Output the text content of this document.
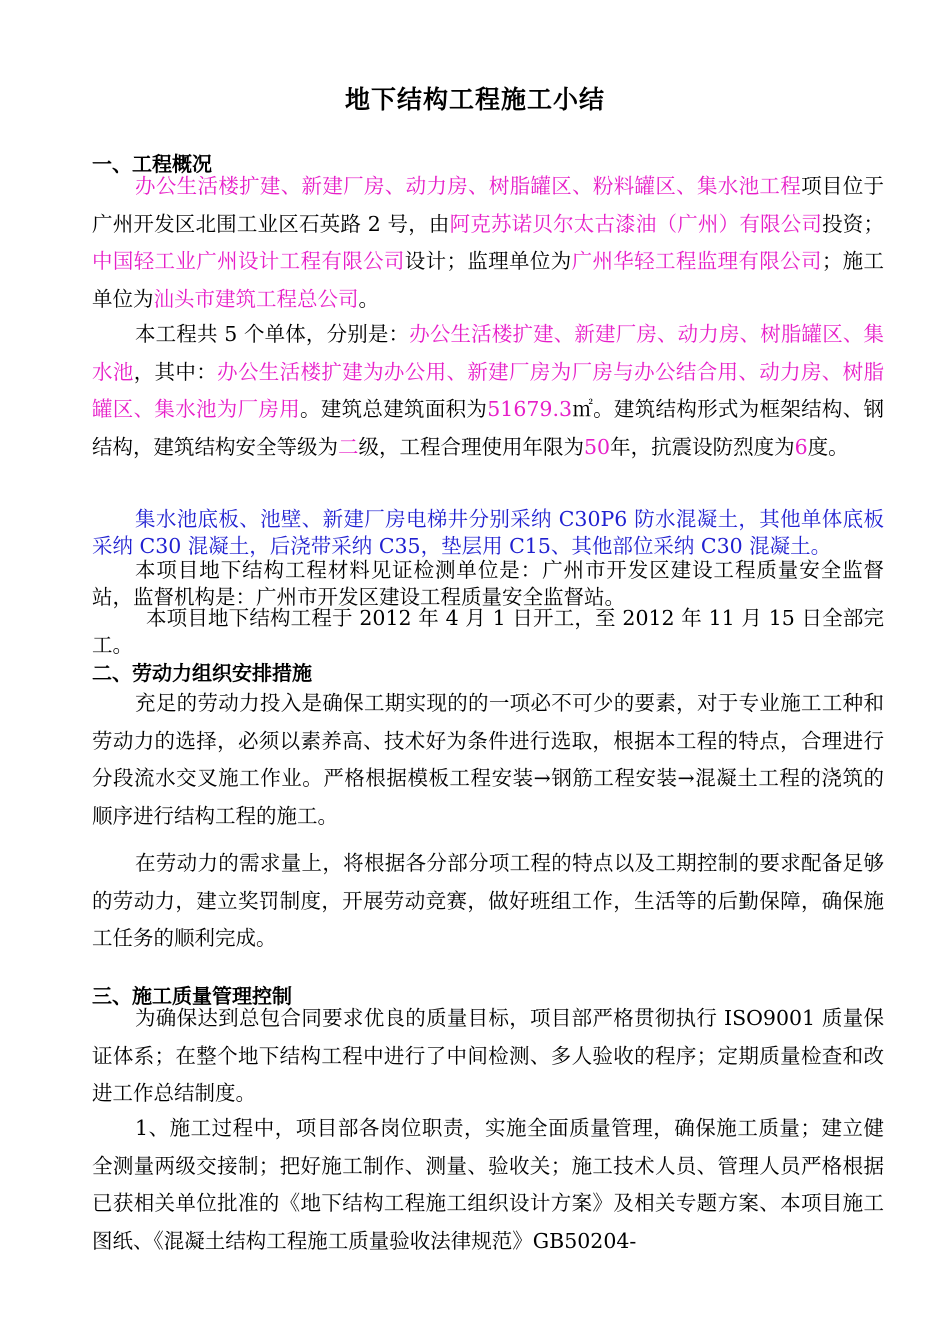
地下结构工程施工小结
一、工程概况

办公生活楼扩建、新建厂房、动力房、树脂罐区、粉料罐区、集水池工程项目位于广州开发区北围工业区石英路 2 号，由阿克苏诺贝尔太古漆油（广州）有限公司投资；中国轻工业广州设计工程有限公司设计；监理单位为广州华轻工程监理有限公司；施工单位为汕头市建筑工程总公司。

本工程共 5 个单体，分别是：办公生活楼扩建、新建厂房、动力房、树脂罐区、集水池，其中：办公生活楼扩建为办公用、新建厂房为厂房与办公结合用、动力房、树脂罐区、集水池为厂房用。建筑总建筑面积为51679.3㎡。建筑结构形式为框架结构、钢结构，建筑结构安全等级为二级，工程合理使用年限为50年，抗震设防烈度为6度。

集水池底板、池壁、新建厂房电梯井分别采纳 C30P6 防水混凝土，其他单体底板采纳 C30 混凝土，后浇带采纳 C35，垫层用 C15、其他部位采纳 C30 混凝土。

本项目地下结构工程材料见证检测单位是：广州市开发区建设工程质量安全监督站，监督机构是：广州市开发区建设工程质量安全监督站。

本项目地下结构工程于 2012 年 4 月 1 日开工，至 2012 年 11 月 15 日全部完工。

二、劳动力组织安排措施

充足的劳动力投入是确保工期实现的的一项必不可少的要素，对于专业施工工种和劳动力的选择，必须以素养高、技术好为条件进行选取，根据本工程的特点，合理进行分段流水交叉施工作业。严格根据模板工程安装→钢筋工程安装→混凝土工程的浇筑的顺序进行结构工程的施工。

在劳动力的需求量上，将根据各分部分项工程的特点以及工期控制的要求配备足够的劳动力，建立奖罚制度，开展劳动竞赛，做好班组工作，生活等的后勤保障，确保施工任务的顺利完成。

三、施工质量管理控制

为确保达到总包合同要求优良的质量目标，项目部严格贯彻执行 ISO9001 质量保证体系；在整个地下结构工程中进行了中间检测、多人验收的程序；定期质量检查和改进工作总结制度。

1、施工过程中，项目部各岗位职责，实施全面质量管理，确保施工质量；建立健全测量两级交接制；把好施工制作、测量、验收关；施工技术人员、管理人员严格根据已获相关单位批准的《地下结构工程施工组织设计方案》及相关专题方案、本项目施工图纸、《混凝土结构工程施工质量验收法律规范》GB50204-
